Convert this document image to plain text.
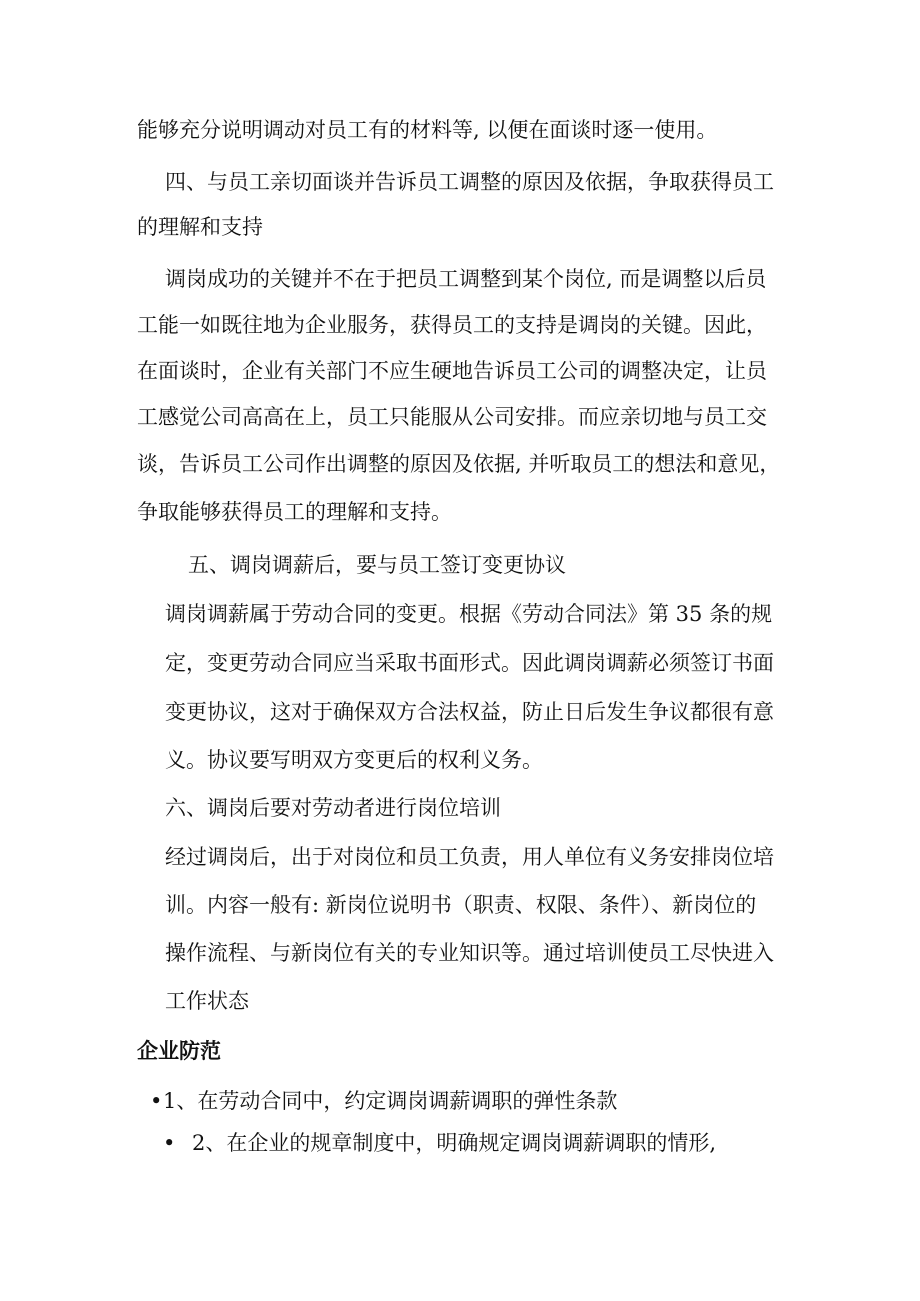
能够充分说明调动对员工有的材料等, 以便在面谈时逐一使用。
四、与员工亲切面谈并告诉员工调整的原因及依据，争取获得员工
的理解和支持
调岗成功的关键并不在于把员工调整到某个岗位, 而是调整以后员
工能一如既往地为企业服务，获得员工的支持是调岗的关键。因此，
在面谈时，企业有关部门不应生硬地告诉员工公司的调整决定，让员
工感觉公司高高在上，员工只能服从公司安排。而应亲切地与员工交
谈，告诉员工公司作出调整的原因及依据, 并听取员工的想法和意见，
争取能够获得员工的理解和支持。
五、调岗调薪后，要与员工签订变更协议
调岗调薪属于劳动合同的变更。根据《劳动合同法》第 35 条的规
定，变更劳动合同应当采取书面形式。因此调岗调薪必须签订书面
变更协议，这对于确保双方合法权益，防止日后发生争议都很有意
义。协议要写明双方变更后的权利义务。
六、调岗后要对劳动者进行岗位培训
经过调岗后，出于对岗位和员工负责，用人单位有义务安排岗位培
训。内容一般有: 新岗位说明书（职责、权限、条件）、新岗位的
操作流程、与新岗位有关的专业知识等。通过培训使员工尽快进入
工作状态
企业防范
• 1、在劳动合同中，约定调岗调薪调职的弹性条款
• 2、在企业的规章制度中，明确规定调岗调薪调职的情形,
